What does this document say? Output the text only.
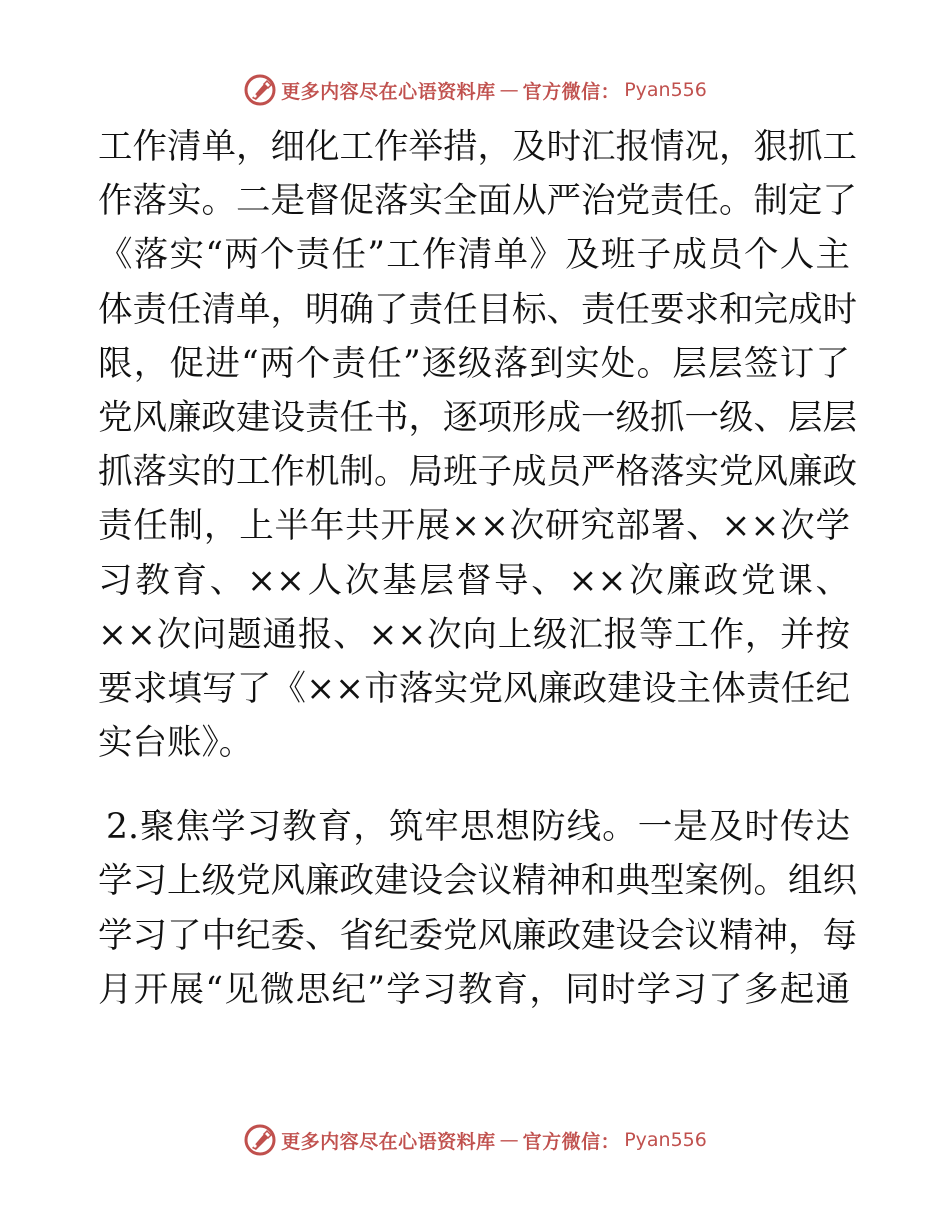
更多内容尽在心语资料库 — 官方微信： Pyan556
工作清单，细化工作举措，及时汇报情况，狠抓工
作落实。二是督促落实全面从严治党责任。制定了
《落实“两个责任”工作清单》及班子成员个人主
体责任清单，明确了责任目标、责任要求和完成时
限，促进“两个责任”逐级落到实处。层层签订了
党风廉政建设责任书，逐项形成一级抓一级、层层
抓落实的工作机制。局班子成员严格落实党风廉政
责任制，上半年共开展××次研究部署、××次学
习教育、××人次基层督导、××次廉政党课、
××次问题通报、××次向上级汇报等工作，并按
要求填写了《××市落实党风廉政建设主体责任纪
实台账》。
2.聚焦学习教育，筑牢思想防线。一是及时传达
学习上级党风廉政建设会议精神和典型案例。组织
学习了中纪委、省纪委党风廉政建设会议精神，每
月开展“见微思纪”学习教育，同时学习了多起通
更多内容尽在心语资料库 — 官方微信： Pyan556
